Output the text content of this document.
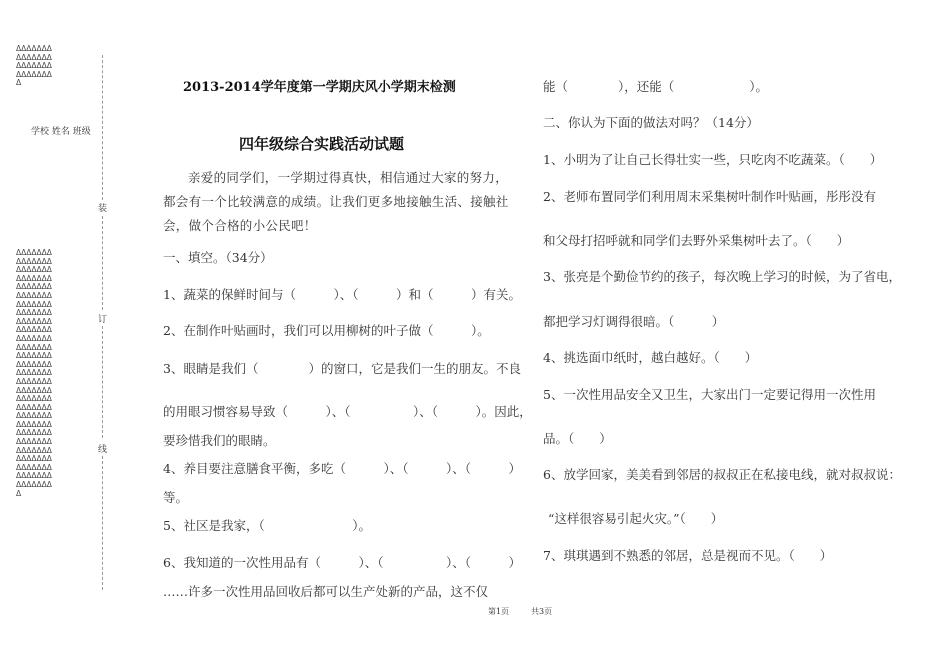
ΔΔΔΔΔΔΔ
ΔΔΔΔΔΔΔ
ΔΔΔΔΔΔΔ
ΔΔΔΔΔΔΔ
Δ
学校 姓名 班级
ΔΔΔΔΔΔΔ
ΔΔΔΔΔΔΔ
ΔΔΔΔΔΔΔ
ΔΔΔΔΔΔΔ
ΔΔΔΔΔΔΔ
ΔΔΔΔΔΔΔ
ΔΔΔΔΔΔΔ
ΔΔΔΔΔΔΔ
ΔΔΔΔΔΔΔ
ΔΔΔΔΔΔΔ
ΔΔΔΔΔΔΔ
ΔΔΔΔΔΔΔ
ΔΔΔΔΔΔΔ
ΔΔΔΔΔΔΔ
ΔΔΔΔΔΔΔ
ΔΔΔΔΔΔΔ
ΔΔΔΔΔΔΔ
ΔΔΔΔΔΔΔ
ΔΔΔΔΔΔΔ
ΔΔΔΔΔΔΔ
ΔΔΔΔΔΔΔ
ΔΔΔΔΔΔΔ
ΔΔΔΔΔΔΔ
ΔΔΔΔΔΔΔ
ΔΔΔΔΔΔΔ
ΔΔΔΔΔΔΔ
ΔΔΔΔΔΔΔ
ΔΔΔΔΔΔΔ
Δ
装
订
线
2013-2014学年度第一学期庆风小学期末检测
四年级综合实践活动试题
亲爱的同学们，一学期过得真快，相信通过大家的努力，都会有一个比较满意的成绩。让我们更多地接触生活、接触社会，做个合格的小公民吧！
一、填空。（34分）
1、蔬菜的保鲜时间与（　　　）、（　　　）和（　　　）有关。
2、在制作叶贴画时，我们可以用柳树的叶子做（　　　）。
3、眼睛是我们（　　　　）的窗口，它是我们一生的朋友。不良
的用眼习惯容易导致（　　　）、（　　　　　）、（　　　）。因此，
要珍惜我们的眼睛。
4、养目要注意膳食平衡，多吃（　　　）、（　　　）、（　　　）
等。
5、社区是我家，（　　　　　　　）。
6、我知道的一次性用品有（　　　）、（　　　　　）、（　　　）
……许多一次性用品回收后都可以生产处新的产品，这不仅
能（　　　　），还能（　　　　　　）。
二、你认为下面的做法对吗？（14分）
1、小明为了让自己长得壮实一些，只吃肉不吃蔬菜。（　　）
2、老师布置同学们利用周末采集树叶制作叶贴画，彤彤没有
和父母打招呼就和同学们去野外采集树叶去了。（　　）
3、张亮是个勤俭节约的孩子，每次晚上学习的时候，为了省电，
都把学习灯调得很暗。（　　　）
4、挑选面巾纸时，越白越好。（　　）
5、一次性用品安全又卫生，大家出门一定要记得用一次性用
品。（　　）
6、放学回家，美美看到邻居的叔叔正在私接电线，就对叔叔说：
“这样很容易引起火灾。”（　　）
7、琪琪遇到不熟悉的邻居，总是视而不见。（　　）
第1页	共3页
